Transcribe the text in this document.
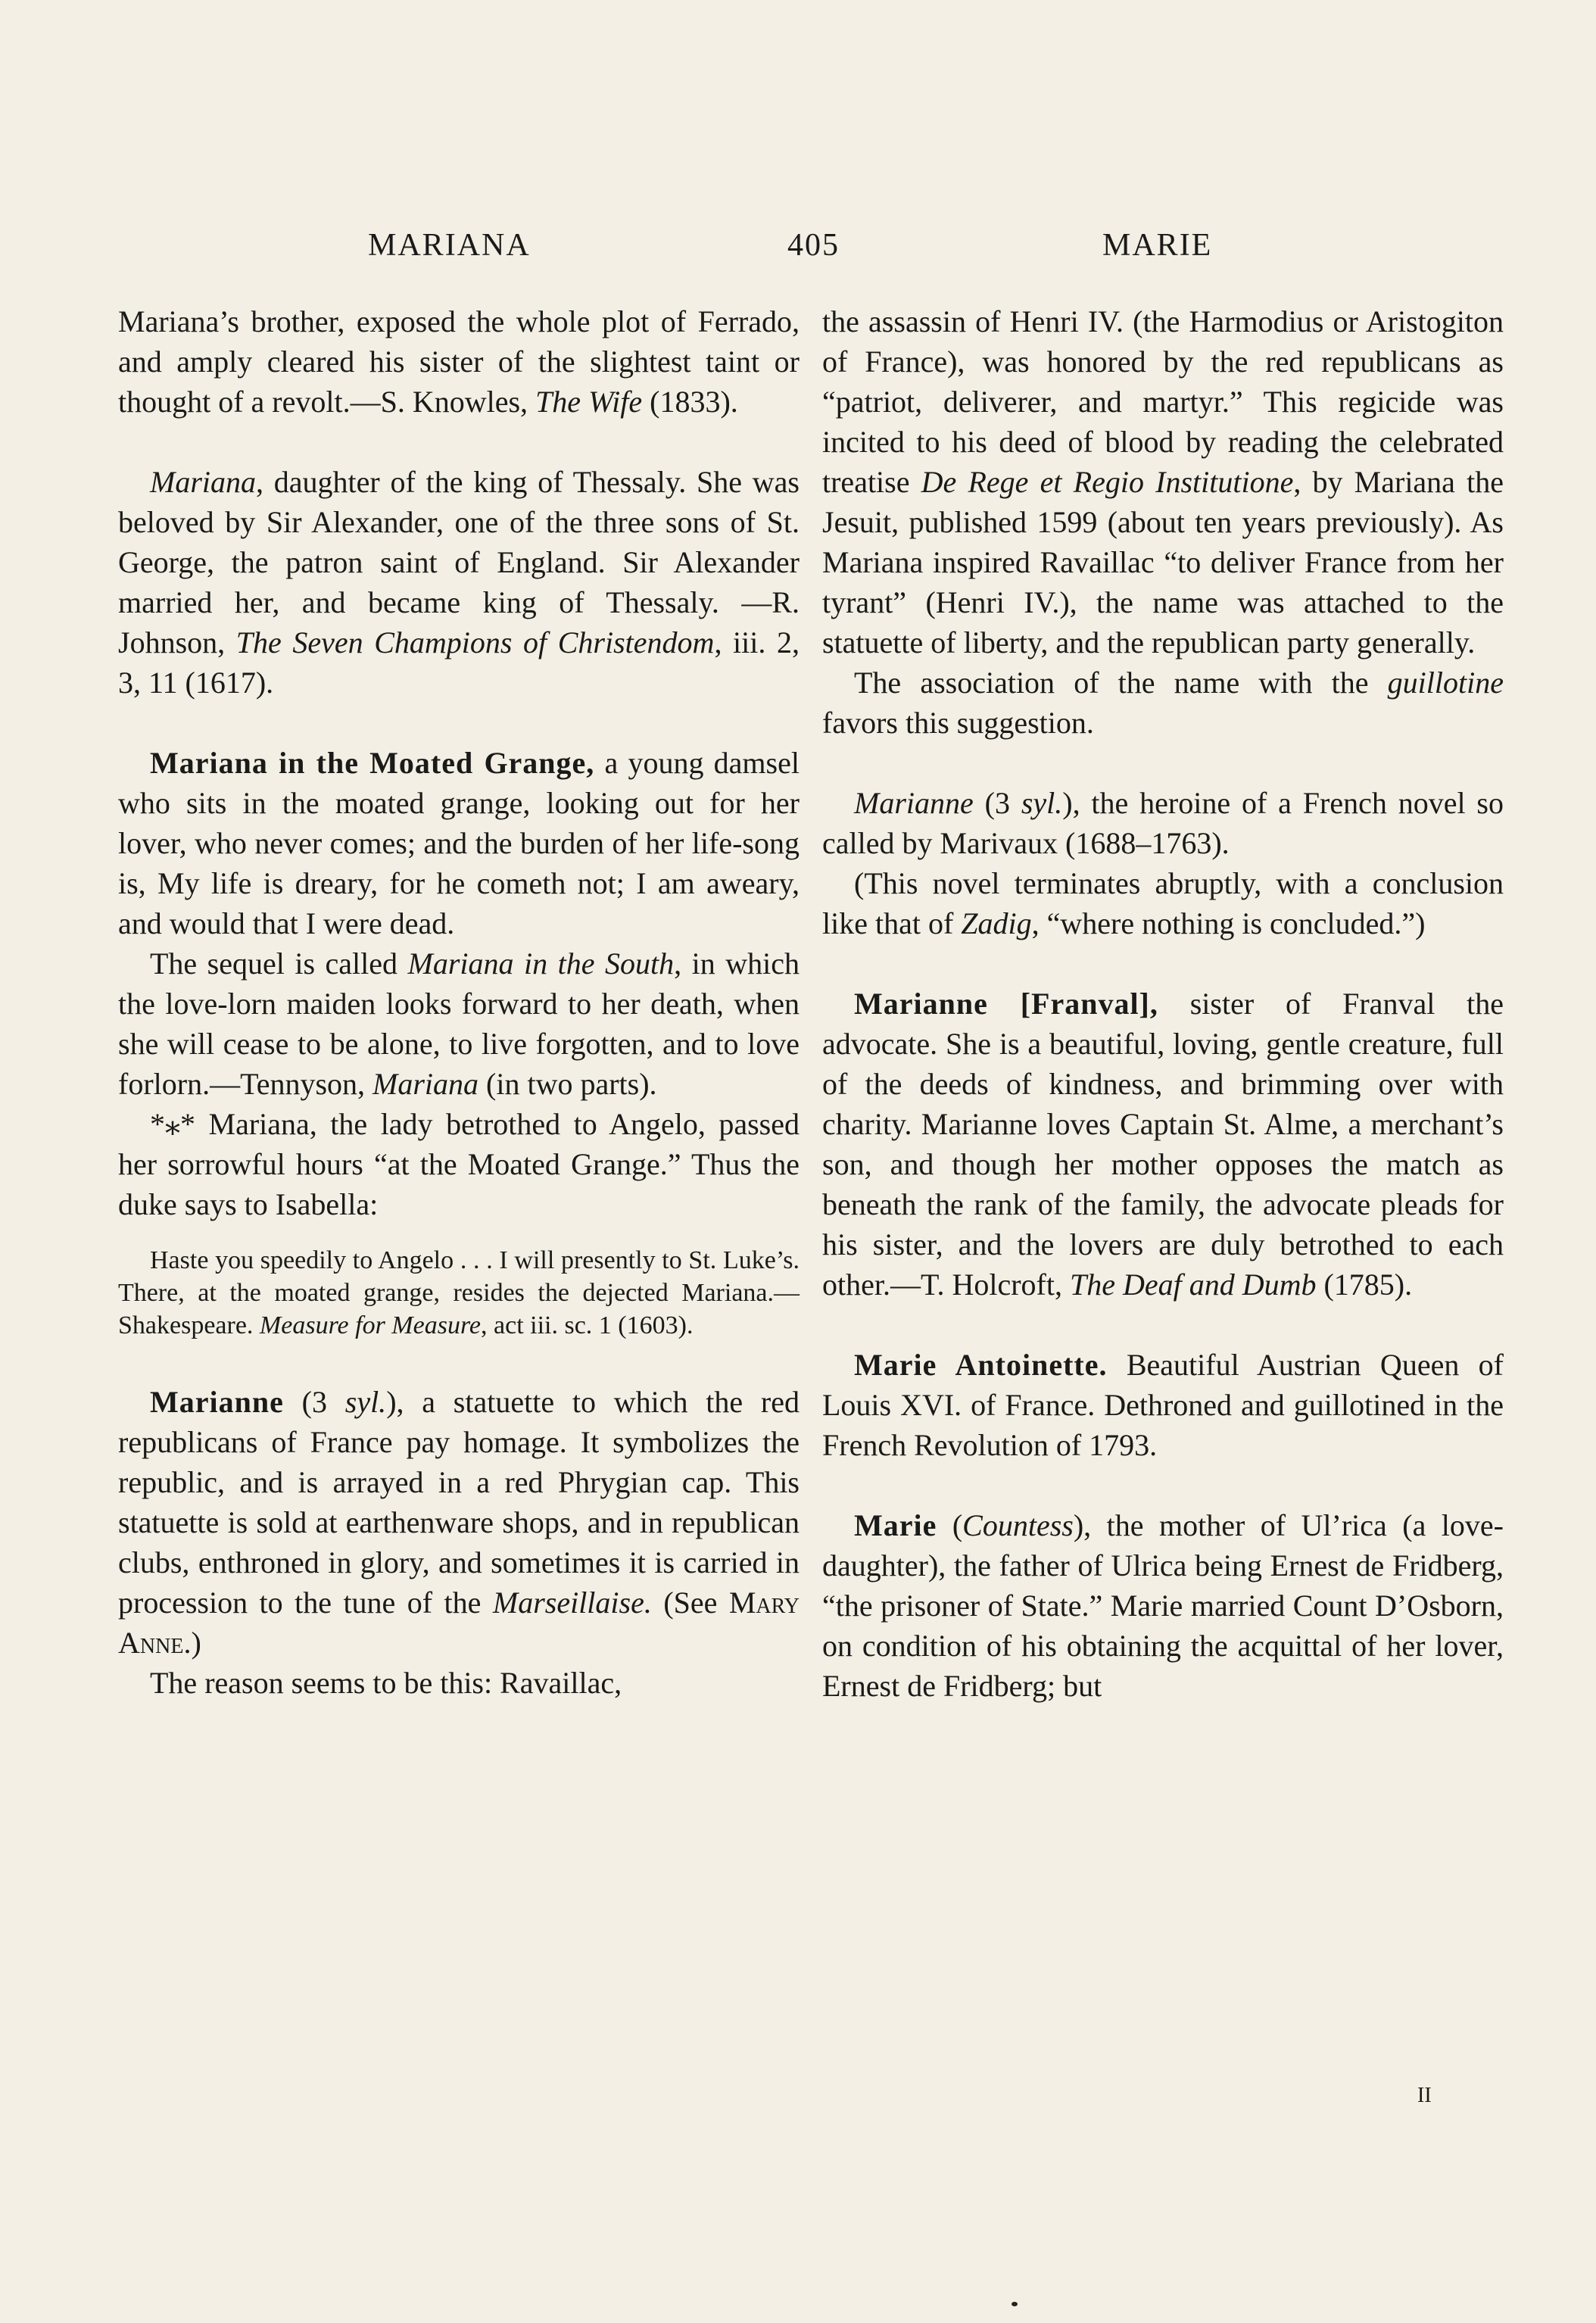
MARIANA	405	MARIE

Mariana’s brother, exposed the whole plot of Ferrado, and amply cleared his sister of the slightest taint or thought of a revolt.—S. Knowles, The Wife (1833).

Mariana, daughter of the king of Thessaly. She was beloved by Sir Alexander, one of the three sons of St. George, the patron saint of England. Sir Alexander married her, and became king of Thessaly. —R. Johnson, The Seven Champions of Christendom, iii. 2, 3, 11 (1617).

Mariana in the Moated Grange, a young damsel who sits in the moated grange, looking out for her lover, who never comes; and the burden of her life-song is, My life is dreary, for he cometh not; I am aweary, and would that I were dead.

The sequel is called Mariana in the South, in which the love-lorn maiden looks forward to her death, when she will cease to be alone, to live forgotten, and to love forlorn.—Tennyson, Mariana (in two parts).

*⁎* Mariana, the lady betrothed to Angelo, passed her sorrowful hours “at the Moated Grange.” Thus the duke says to Isabella:

Haste you speedily to Angelo . . . I will presently to St. Luke’s. There, at the moated grange, resides the dejected Mariana.—Shakespeare. Measure for Measure, act iii. sc. 1 (1603).

Marianne (3 syl.), a statuette to which the red republicans of France pay homage. It symbolizes the republic, and is arrayed in a red Phrygian cap. This statuette is sold at earthenware shops, and in republican clubs, enthroned in glory, and sometimes it is carried in procession to the tune of the Marseillaise. (See Mary Anne.)

The reason seems to be this: Ravaillac,

the assassin of Henri IV. (the Harmodius or Aristogiton of France), was honored by the red republicans as “patriot, deliverer, and martyr.” This regicide was incited to his deed of blood by reading the celebrated treatise De Rege et Regio Institutione, by Mariana the Jesuit, published 1599 (about ten years previously). As Mariana inspired Ravaillac “to deliver France from her tyrant” (Henri IV.), the name was attached to the statuette of liberty, and the republican party generally.

The association of the name with the guillotine favors this suggestion.

Marianne (3 syl.), the heroine of a French novel so called by Marivaux (1688–1763).

(This novel terminates abruptly, with a conclusion like that of Zadig, “where nothing is concluded.”)

Marianne [Franval], sister of Franval the advocate. She is a beautiful, loving, gentle creature, full of the deeds of kindness, and brimming over with charity. Marianne loves Captain St. Alme, a merchant’s son, and though her mother opposes the match as beneath the rank of the family, the advocate pleads for his sister, and the lovers are duly betrothed to each other.—T. Holcroft, The Deaf and Dumb (1785).

Marie Antoinette. Beautiful Austrian Queen of Louis XVI. of France. Dethroned and guillotined in the French Revolution of 1793.

Marie (Countess), the mother of Ul’rica (a love-daughter), the father of Ulrica being Ernest de Fridberg, “the prisoner of State.” Marie married Count D’Osborn, on condition of his obtaining the acquittal of her lover, Ernest de Fridberg; but

II
